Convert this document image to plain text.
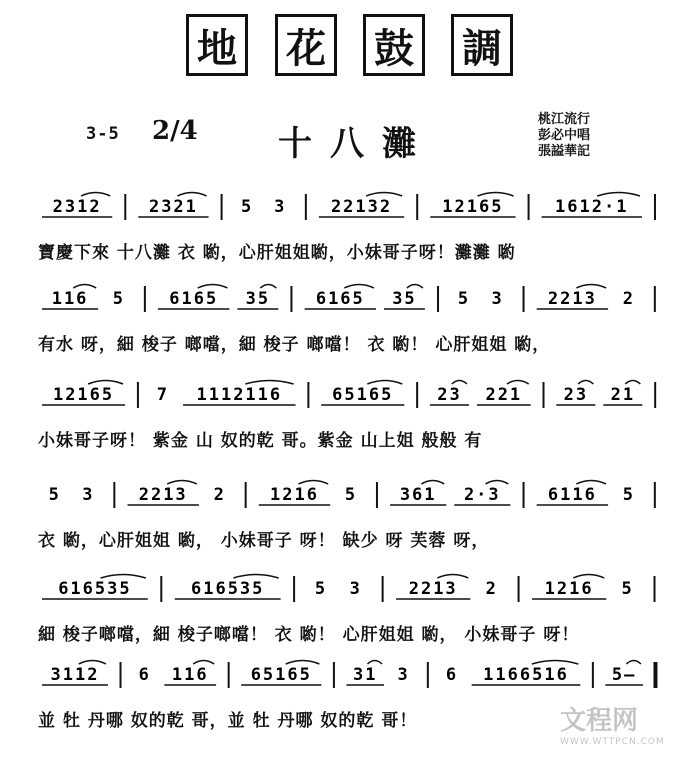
地 花 鼓 調
3-5 2/4 十八灘
桃江流行
彭必中唱
張謚華記
2312	2321	5 3	22132	12165	1612·1
寶慶下來 十八灘 衣 喲，心肝姐姐喲，小妹哥子呀！灘灘 喲
116 5	6165 35	6165 35 5 3	2213 2
有水 呀，細 梭子 啷噹，細 梭子 啷噹！ 衣 喲！ 心肝姐姐 喲，
12165	7 1112116	65165	23 221 23 21
小妹哥子呀！ 紫金 山 奴的乾 哥。紫金 山上姐 般般 有
5 3	2213 2	1216 5	361 2·3	6116 5
衣 喲，心肝姐姐 喲， 小妹哥子 呀！ 缺少 呀 芙蓉 呀，
616535	616535	5 3	2213 2	1216 5
細 梭子啷噹，細 梭子啷噹！ 衣 喲！ 心肝姐姐 喲， 小妹哥子 呀！
3112 6 116 65165 31 3 6 1166516	5—
並 牡 丹哪 奴的乾 哥，並 牡 丹哪 奴的乾 哥！	文程网
WWW.WTTPCN.COM
